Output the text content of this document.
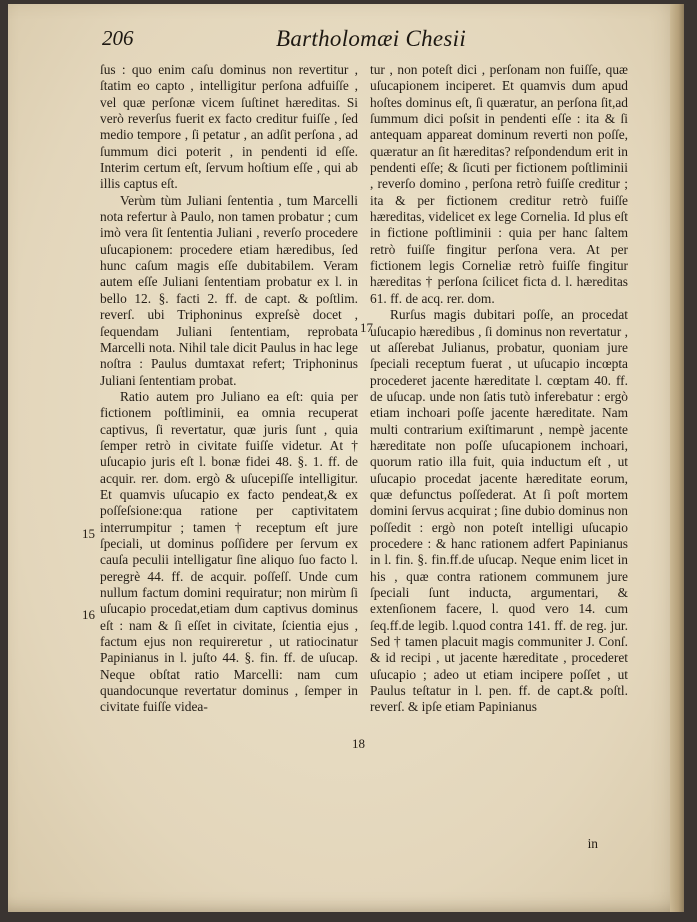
206	Bartholomæi Chesii

ſus : quo enim caſu dominus non revertitur , ſtatim eo capto , intelligitur perſona adfuiſſe , vel quæ perſonæ vicem ſuſtinet hæreditas. Si verò reverſus fuerit ex facto creditur fuiſſe , ſed medio tempore , ſi petatur , an adſit perſona , ad ſummum dici poterit , in pendenti id eſſe. Interim certum eſt, ſervum hoſtium eſſe , qui ab illis captus eſt.

Verùm tùm Juliani ſententia , tum Marcelli nota refertur à Paulo, non tamen probatur ; cum imò vera ſit ſententia Juliani , reverſo procedere uſucapionem: procedere etiam hæredibus, ſed hunc caſum magis eſſe dubitabilem. Veram autem eſſe Juliani ſententiam probatur ex l. in bello 12. §. facti 2. ff. de capt. & poſtlim. reverſ. ubi Triphoninus expreſsè docet , ſequendam Juliani ſententiam, reprobata Marcelli nota. Nihil tale dicit Paulus in hac lege noſtra : Paulus dumtaxat refert; Triphoninus Juliani ſententiam probat.

Ratio autem pro Juliano ea eſt: quia per fictionem poſtliminii, ea omnia recuperat captivus, ſi revertatur, quæ juris ſunt , quia ſemper retrò in civitate fuiſſe videtur. At † uſucapio juris eſt l. bonæ fidei 48. §. 1. ff. de acquir. rer. dom. ergò & uſucepiſſe intelligitur. Et quamvis uſucapio ex facto pendeat,& ex poſſeſsione:qua ratione per captivitatem interrumpitur ; tamen † receptum eſt jure ſpeciali, ut dominus poſſidere per ſervum ex cauſa peculii intelligatur ſine aliquo ſuo facto l. peregrè 44. ff. de acquir. poſſeſſ. Unde cum nullum factum domini requiratur; non mirùm ſi uſucapio procedat,etiam dum captivus dominus eſt : nam & ſi eſſet in civitate, ſcientia ejus , factum ejus non requireretur , ut ratiocinatur Papinianus in l. juſto 44. §. fin. ff. de uſucap. Neque obſtat ratio Marcelli: nam cum quandocunque revertatur dominus , ſemper in civitate fuiſſe videa-

tur , non poteſt dici , perſonam non fuiſſe, quæ uſucapionem inciperet. Et quamvis dum apud hoſtes dominus eſt, ſi quæratur, an perſona ſit,ad ſummum dici poſsit in pendenti eſſe : ita & ſi antequam appareat dominum reverti non poſſe, quæratur an ſit hæreditas? reſpondendum erit in pendenti eſſe; & ſicuti per fictionem poſtliminii , reverſo domino , perſona retrò fuiſſe creditur ; ita & per fictionem creditur retrò fuiſſe hæreditas, videlicet ex lege Cornelia. Id plus eſt in fictione poſtliminii : quia per hanc ſaltem retrò fuiſſe fingitur perſona vera. At per fictionem legis Corneliæ retrò fuiſſe fingitur hæreditas † perſona ſcilicet ficta d. l. hæreditas 61. ff. de acq. rer. dom.

Rurſus magis dubitari poſſe, an procedat uſucapio hæredibus , ſi dominus non revertatur , ut aſſerebat Julianus, probatur, quoniam jure ſpeciali receptum fuerat , ut uſucapio incœpta procederet jacente hæreditate l. cœptam 40. ff. de uſucap. unde non ſatis tutò inferebatur : ergò etiam inchoari poſſe jacente hæreditate. Nam multi contrarium exiſtimarunt , nempè jacente hæreditate non poſſe uſucapionem inchoari, quorum ratio illa fuit, quia inductum eſt , ut uſucapio procedat jacente hæreditate eorum, quæ defunctus poſſederat. At ſi poſt mortem domini ſervus acquirat ; ſine dubio dominus non poſſedit : ergò non poteſt intelligi uſucapio procedere : & hanc rationem adfert Papinianus in l. fin. §. fin.ff.de uſucap. Neque enim licet in his , quæ contra rationem communem jure ſpeciali ſunt inducta, argumentari, & extenſionem facere, l. quod vero 14. cum ſeq.ff.de legib. l.quod contra 141. ff. de reg. jur. Sed † tamen placuit magis communiter J. Conſ. & id recipi , ut jacente hæreditate , procederet uſucapio ; adeo ut etiam incipere poſſet , ut Paulus teſtatur in l. pen. ff. de capt.& poſtl. reverſ. & ipſe etiam Papinianus

15
16
17
18
in
